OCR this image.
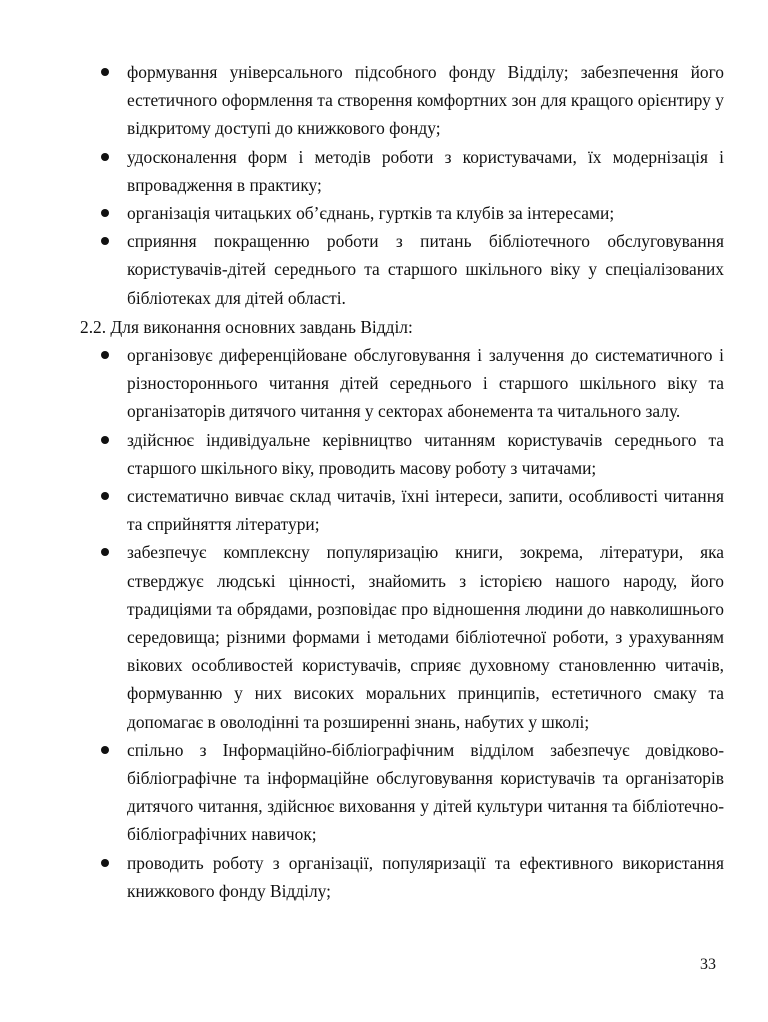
формування універсального підсобного фонду Відділу; забезпечення його естетичного оформлення та створення комфортних зон для кращого орієнтиру у відкритому доступі до книжкового фонду;
удосконалення форм і методів роботи з користувачами, їх модернізація і впровадження в практику;
організація читацьких об’єднань, гуртків та клубів за інтересами;
сприяння покращенню роботи з питань бібліотечного обслуговування користувачів-дітей середнього та старшого шкільного віку у спеціалізованих бібліотеках для дітей області.

2.2. Для виконання основних завдань Відділ:

організовує диференційоване обслуговування і залучення до систематичного і різностороннього читання дітей середнього і старшого шкільного віку та організаторів дитячого читання у секторах абонемента та читального залу.
здійснює індивідуальне керівництво читанням користувачів середнього та старшого шкільного віку, проводить масову роботу з читачами;
систематично вивчає склад читачів, їхні інтереси, запити, особливості читання та сприйняття літератури;
забезпечує комплексну популяризацію книги, зокрема, літератури, яка стверджує людські цінності, знайомить з історією нашого народу, його традиціями та обрядами, розповідає про відношення людини до навколишнього середовища; різними формами і методами бібліотечної роботи, з урахуванням вікових особливостей користувачів, сприяє духовному становленню читачів, формуванню у них високих моральних принципів, естетичного смаку та допомагає в оволодінні та розширенні знань, набутих у школі;
спільно з Інформаційно-бібліографічним відділом забезпечує довідково-бібліографічне та інформаційне обслуговування користувачів та організаторів дитячого читання, здійснює виховання у дітей культури читання та бібліотечно-бібліографічних навичок;
проводить роботу з організації, популяризації та ефективного використання книжкового фонду Відділу;
33
